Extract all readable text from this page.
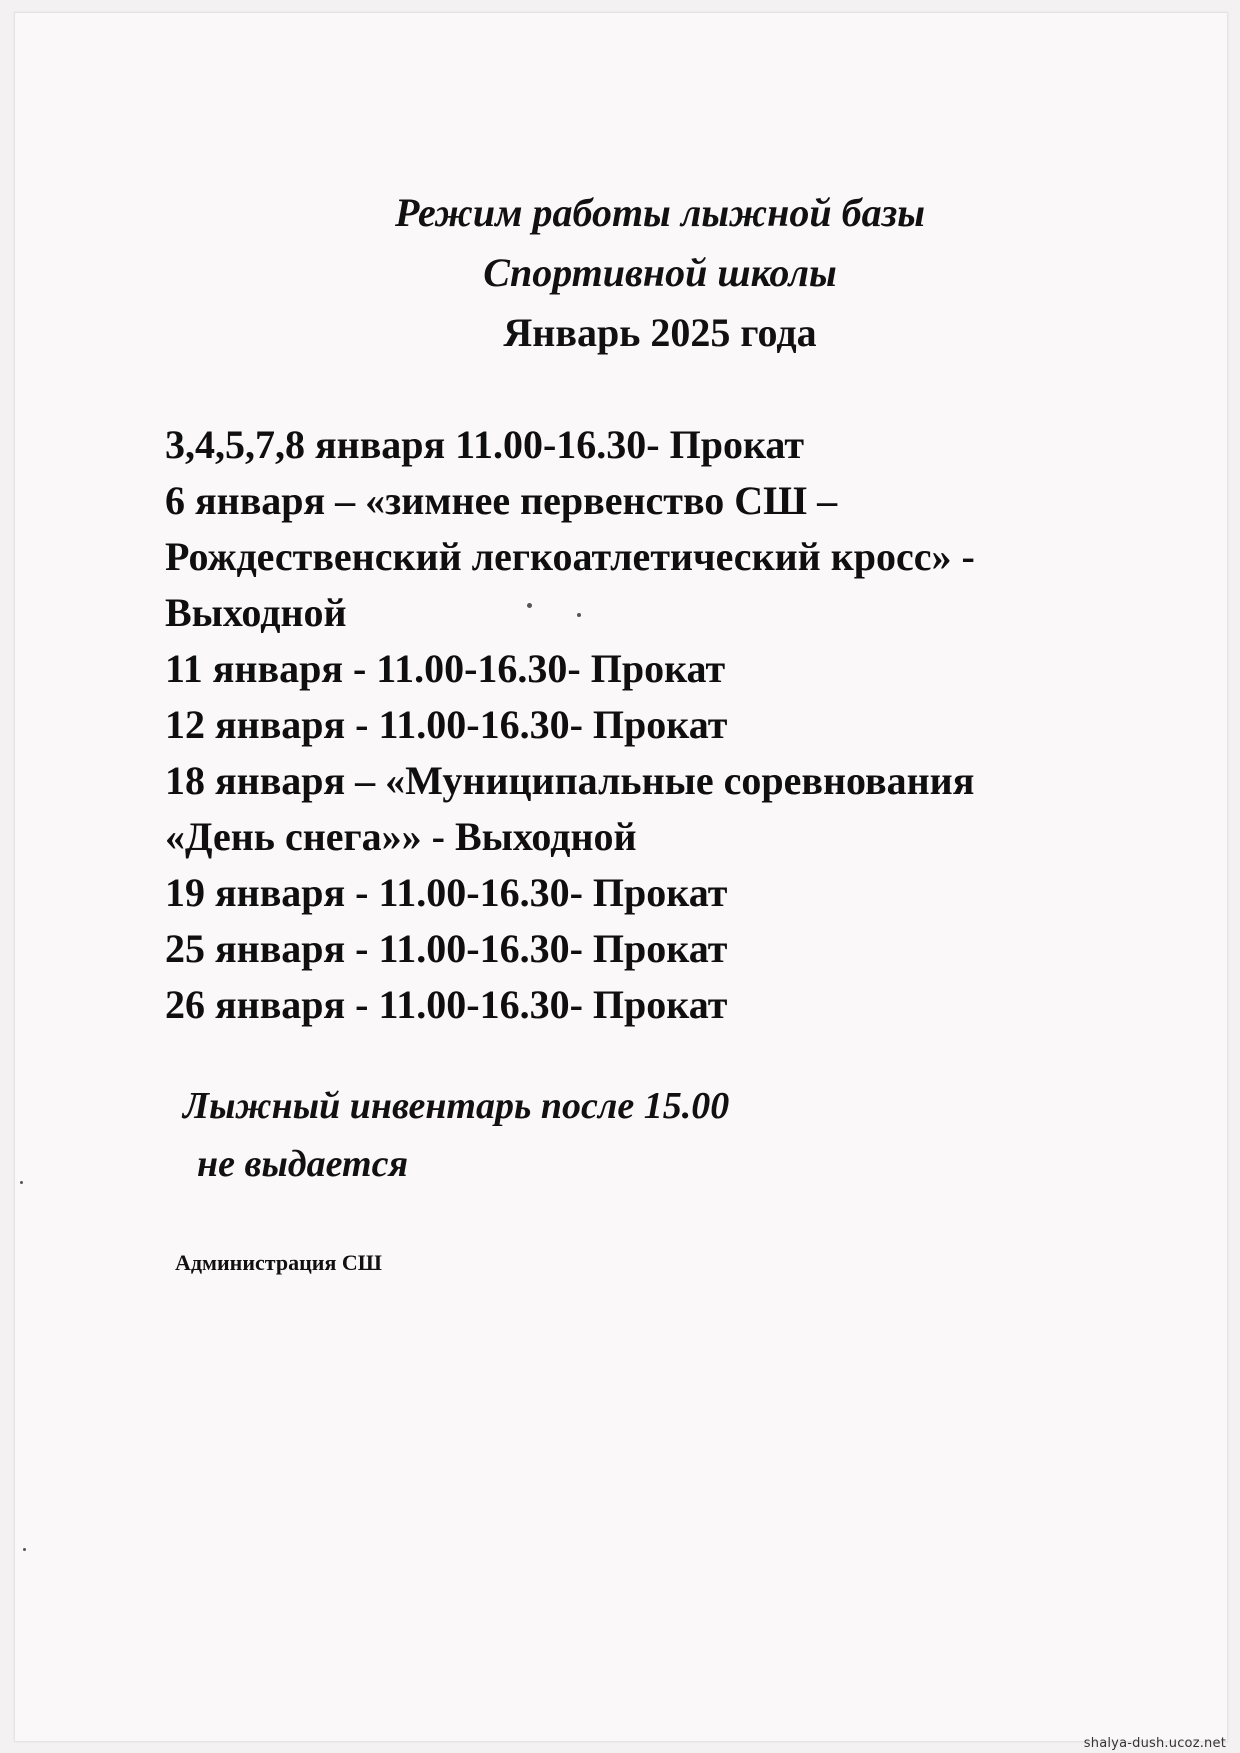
Режим работы лыжной базы
Спортивной школы
Январь 2025 года
3,4,5,7,8 января 11.00-16.30- Прокат
6 января – «зимнее первенство СШ –
Рождественский легкоатлетический кросс» -
Выходной
11 января - 11.00-16.30- Прокат
12 января - 11.00-16.30- Прокат
18 января – «Муниципальные соревнования
«День снега»» - Выходной
19 января - 11.00-16.30- Прокат
25 января - 11.00-16.30- Прокат
26 января - 11.00-16.30- Прокат
Лыжный инвентарь после 15.00
не выдается
Администрация СШ
shalya-dush.ucoz.net
